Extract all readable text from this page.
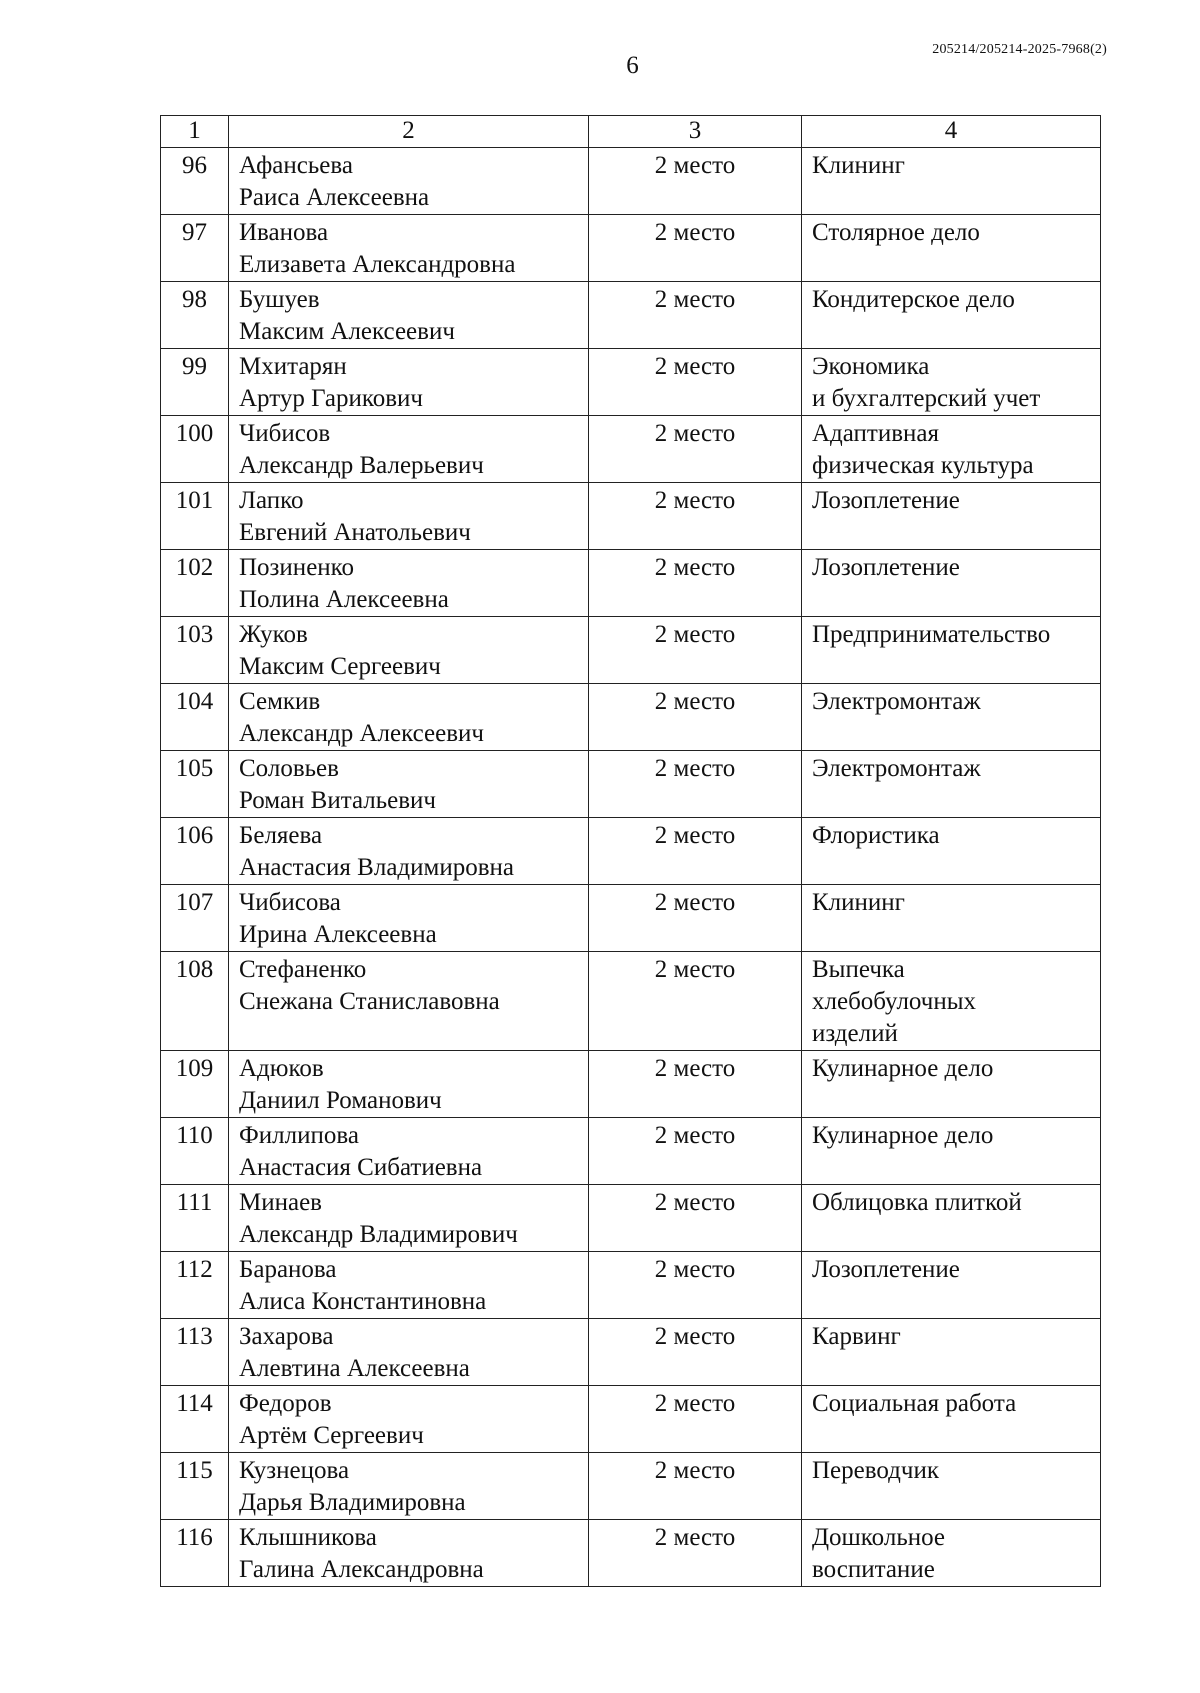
6
205214/205214-2025-7968(2)
1	2	3	4
96	Афансьева
Раиса Алексеевна	2 место	Клининг

97	Иванова
Елизавета Александровна	2 место	Столярное дело

98	Бушуев
Максим Алексеевич	2 место	Кондитерское дело

99	Мхитарян
Артур Гарикович	2 место	Экономика
и бухгалтерский учет

100	Чибисов
Александр Валерьевич	2 место	Адаптивная
физическая культура

101	Лапко
Евгений Анатольевич	2 место	Лозоплетение

102	Позиненко
Полина Алексеевна	2 место	Лозоплетение

103	Жуков
Максим Сергеевич	2 место	Предпринимательство

104	Семкив
Александр Алексеевич	2 место	Электромонтаж

105	Соловьев
Роман Витальевич	2 место	Электромонтаж

106	Беляева
Анастасия Владимировна	2 место	Флористика

107	Чибисова
Ирина Алексеевна	2 место	Клининг

108	Стефаненко
Снежана Станиславовна	2 место	Выпечка
хлебобулочных
изделий

109	Адюков
Даниил Романович	2 место	Кулинарное дело

110	Филлипова
Анастасия Сибатиевна	2 место	Кулинарное дело

111	Минаев
Александр Владимирович	2 место	Облицовка плиткой

112	Баранова
Алиса Константиновна	2 место	Лозоплетение

113	Захарова
Алевтина Алексеевна	2 место	Карвинг

114	Федоров
Артём Сергеевич	2 место	Социальная работа

115	Кузнецова
Дарья Владимировна	2 место	Переводчик

116	Клышникова
Галина Александровна	2 место	Дошкольное
воспитание
